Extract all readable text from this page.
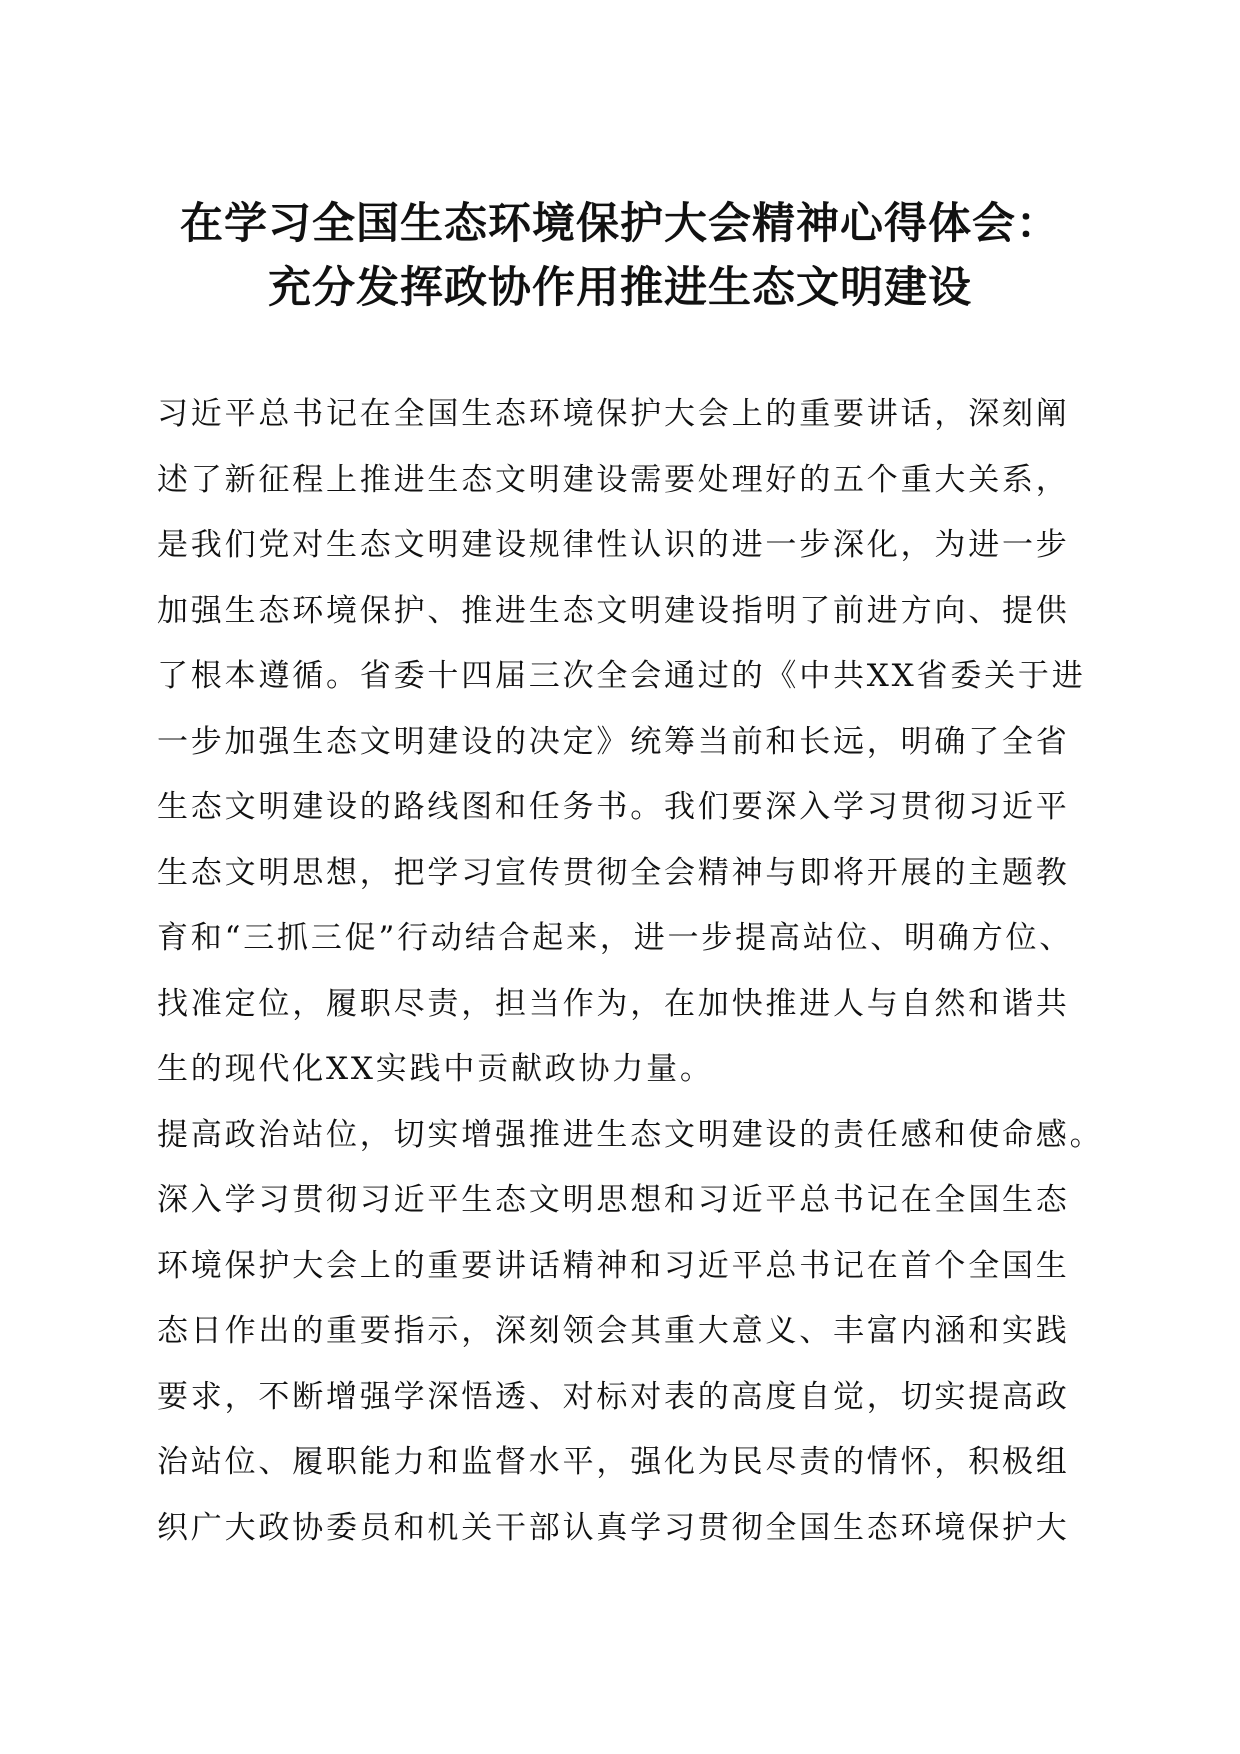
在学习全国生态环境保护大会精神心得体会：
充分发挥政协作用推进生态文明建设
习近平总书记在全国生态环境保护大会上的重要讲话，深刻阐
述了新征程上推进生态文明建设需要处理好的五个重大关系，
是我们党对生态文明建设规律性认识的进一步深化，为进一步
加强生态环境保护、推进生态文明建设指明了前进方向、提供
了根本遵循。省委十四届三次全会通过的《中共XX省委关于进
一步加强生态文明建设的决定》统筹当前和长远，明确了全省
生态文明建设的路线图和任务书。我们要深入学习贯彻习近平
生态文明思想，把学习宣传贯彻全会精神与即将开展的主题教
育和“三抓三促”行动结合起来，进一步提高站位、明确方位、
找准定位，履职尽责，担当作为，在加快推进人与自然和谐共
生的现代化XX实践中贡献政协力量。
提高政治站位，切实增强推进生态文明建设的责任感和使命感。
深入学习贯彻习近平生态文明思想和习近平总书记在全国生态
环境保护大会上的重要讲话精神和习近平总书记在首个全国生
态日作出的重要指示，深刻领会其重大意义、丰富内涵和实践
要求，不断增强学深悟透、对标对表的高度自觉，切实提高政
治站位、履职能力和监督水平，强化为民尽责的情怀，积极组
织广大政协委员和机关干部认真学习贯彻全国生态环境保护大
